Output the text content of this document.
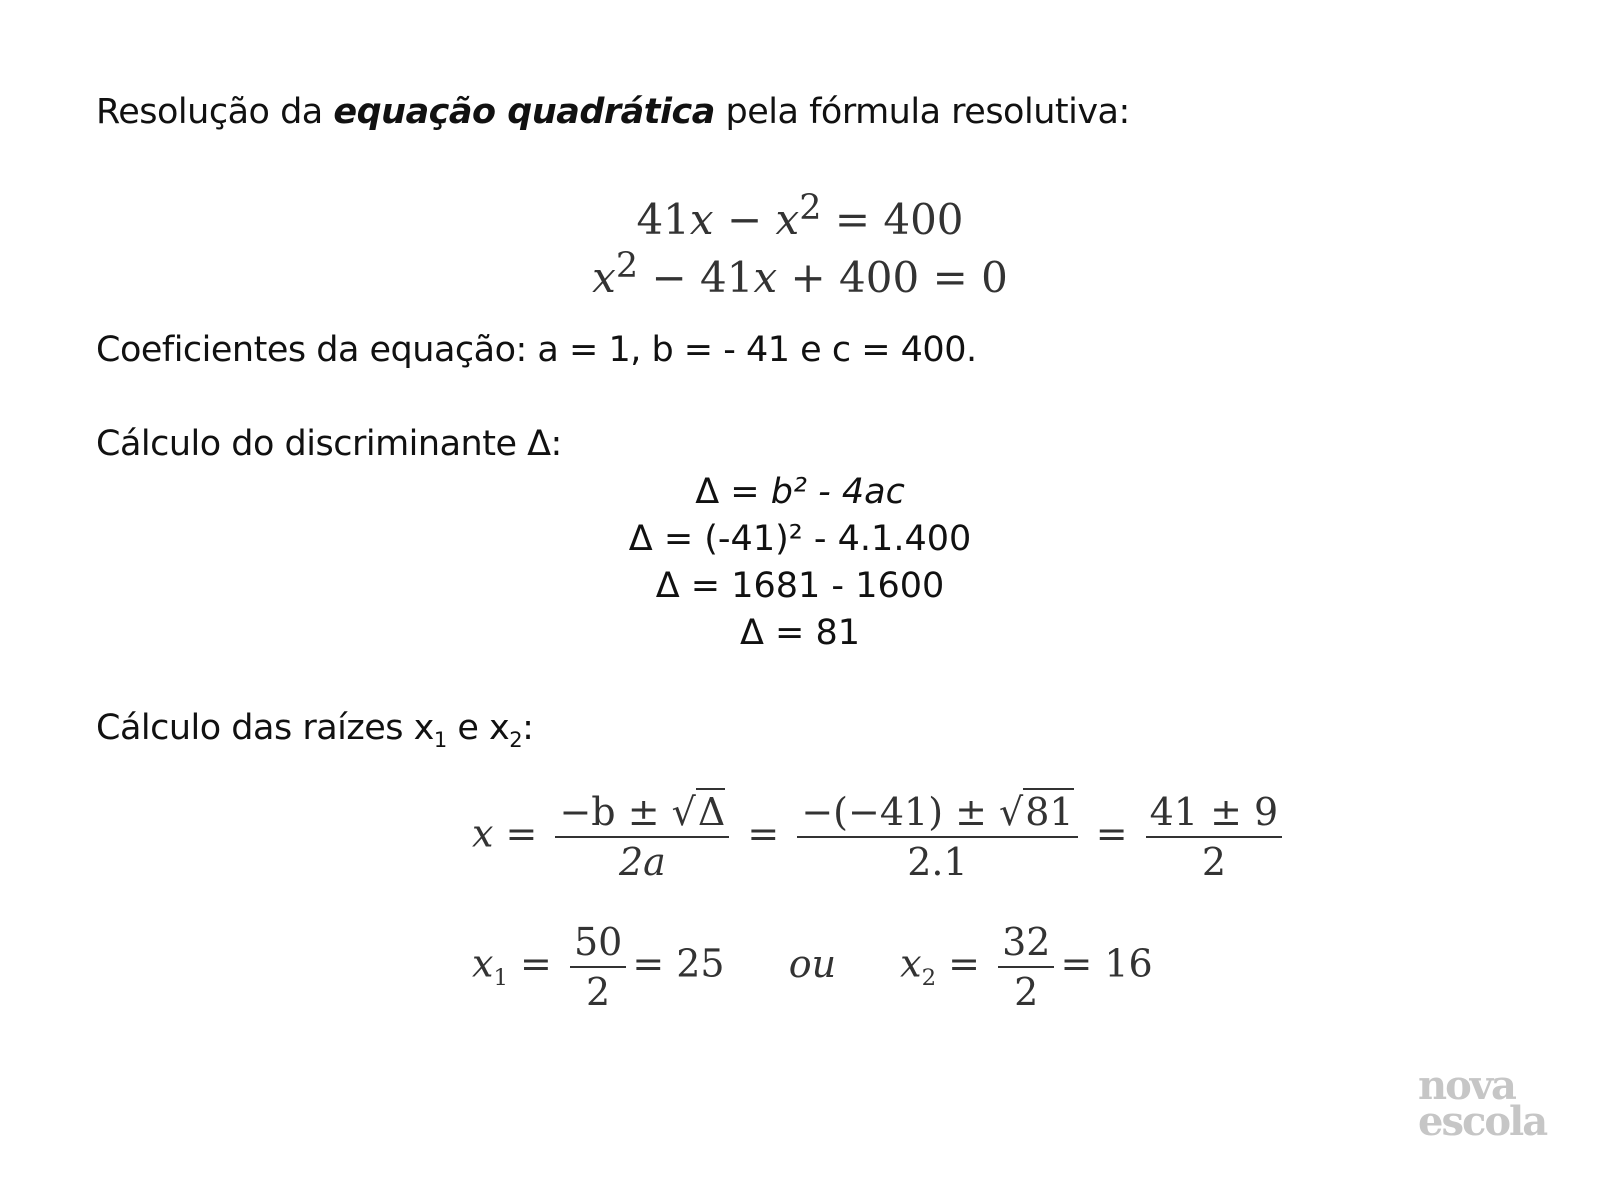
Resolução da equação quadrática pela fórmula resolutiva:
$41x - x^2 = 400$
$x^2 - 41x + 400 = 0$
Coeficientes da equação: a = 1, b = - 41 e c = 400.
Cálculo do discriminante Δ:
Δ = b² - 4ac
Δ = (-41)² - 4.1.400
Δ = 1681 - 1600
Δ = 81
Cálculo das raízes $x_1$ e $x_2$:
$x = \frac{-b \pm √\Delta}{2a} = \frac{-(-41) \pm √81}{2.1} = \frac{41 \pm 9}{2}$
$x_1 = \frac{50}{2} = 25$ ou $x_2 = \frac{32}{2} = 16$
nova
escola
